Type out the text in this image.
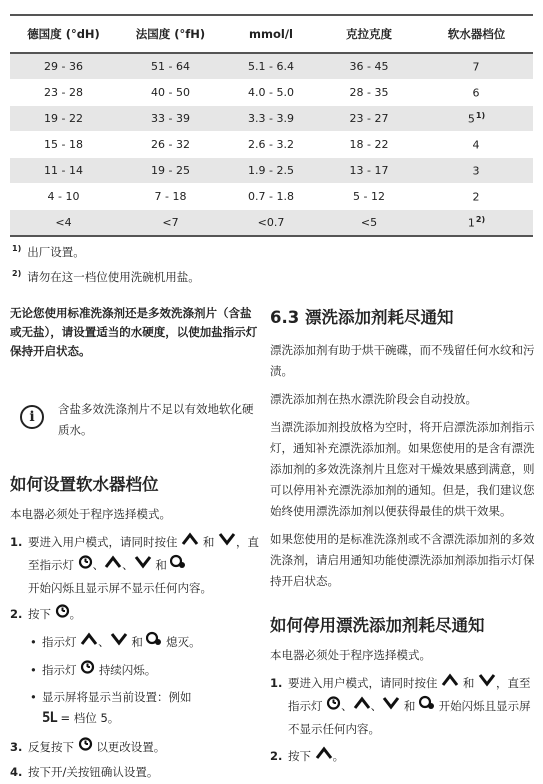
德国度 (°dH)	法国度 (°fH)	mmol/l	克拉克度	软水器档位
29 - 36	51 - 64	5.1 - 6.4	36 - 45	7
23 - 28	40 - 50	4.0 - 5.0	28 - 35	6
19 - 22	33 - 39	3.3 - 3.9	23 - 27	5$^{1)}$
15 - 18	26 - 32	2.6 - 3.2	18 - 22	4
11 - 14	19 - 25	1.9 - 2.5	13 - 17	3
4 - 10	7 - 18	0.7 - 1.8	5 - 12	2
<4	<7	<0.7	<5	1$^{2)}$
$^{1)}$ 出厂设置。
$^{2)}$ 请勿在这一档位使用洗碗机用盐。

无论您使用标准洗涤剂还是多效洗涤剂片（含盐或无盐），请设置适当的水硬度，以使加盐指示灯保持开启状态。

i	含盐多效洗涤剂片不足以有效地软化硬质水。
如何设置软水器档位

本电器必须处于程序选择模式。

1. 要进入用户模式，请同时按住 和 ，直至指示灯 、 、 和
开始闪烁且显示屏不显示任何内容。
2. 按下 。
• 指示灯 、 和 熄灭。
• 指示灯 持续闪烁。
• 显示屏将显示当前设置：例如
5L = 档位 5。
3. 反复按下 以更改设置。
4. 按下开/关按钮确认设置。
6.3 漂洗添加剂耗尽通知

漂洗添加剂有助于烘干碗碟，而不残留任何水纹和污渍。

漂洗添加剂在热水漂洗阶段会自动投放。

当漂洗添加剂投放格为空时，将开启漂洗添加剂指示灯，通知补充漂洗添加剂。如果您使用的是含有漂洗添加剂的多效洗涤剂片且您对干燥效果感到满意，则可以停用补充漂洗添加剂的通知。但是，我们建议您始终使用漂洗添加剂以便获得最佳的烘干效果。

如果您使用的是标准洗涤剂或不含漂洗添加剂的多效洗涤剂，请启用通知功能使漂洗添加剂添加指示灯保持开启状态。

如何停用漂洗添加剂耗尽通知

本电器必须处于程序选择模式。

1. 要进入用户模式，请同时按住 和 ，直至指示灯 、 、 和 开始闪烁且显示屏不显示任何内容。
2. 按下 。
